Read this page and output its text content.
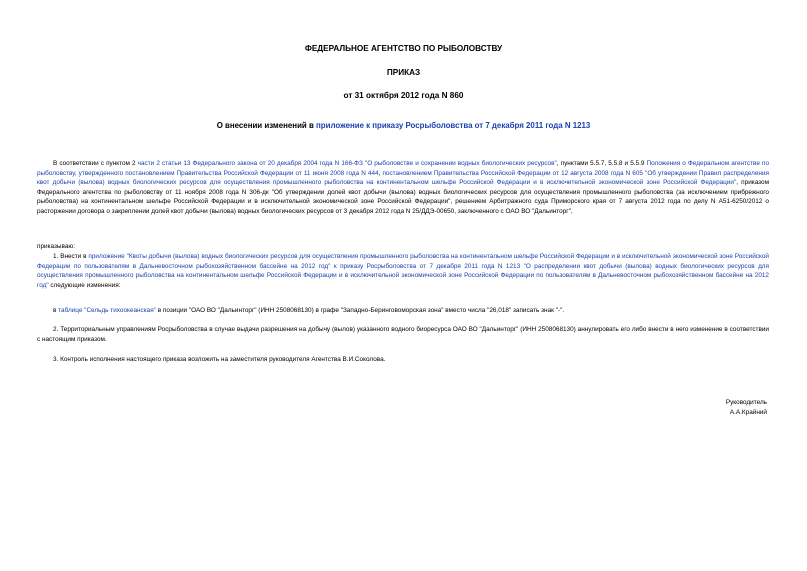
ФЕДЕРАЛЬНОЕ АГЕНТСТВО ПО РЫБОЛОВСТВУ
ПРИКАЗ
от 31 октября 2012 года N 860
О внесении изменений в приложение к приказу Росрыболовства от 7 декабря 2011 года N 1213

В соответствии с пунктом 2 части 2 статьи 13 Федерального закона от 20 декабря 2004 года N 166-ФЗ "О рыболовстве и сохранении водных биологических ресурсов", пунктами 5.5.7, 5.5.8 и 5.5.9 Положения о Федеральном агентстве по рыболовству, утвержденного постановлением Правительства Российской Федерации от 11 июня 2008 года N 444, постановлением Правительства Российской Федерации от 12 августа 2008 года N 605 "Об утверждении Правил распределения квот добычи (вылова) водных биологических ресурсов для осуществления промышленного рыболовства на континентальном шельфе Российской Федерации и в исключительной экономической зоне Российской Федерации", приказом Федерального агентства по рыболовству от 11 ноября 2008 года N 306-дк "Об утверждении долей квот добычи (вылова) водных биологических ресурсов для осуществления промышленного рыболовства (за исключением прибрежного рыболовства) на континентальном шельфе Российской Федерации и в исключительной экономической зоне Российской Федерации", решением Арбитражного суда Приморского края от 7 августа 2012 года по делу N А51-6250/2012 о расторжении договора о закреплении долей квот добычи (вылова) водных биологических ресурсов от 3 декабря 2012 года N 25/ДДЭ-00650, заключенного с ОАО ВО "Дальинторг",

приказываю:

1. Внести в приложение "Квоты добычи (вылова) водных биологических ресурсов для осуществления промышленного рыболовства на континентальном шельфе Российской Федерации и в исключительной экономической зоне Российской Федерации по пользователям в Дальневосточном рыбохозяйственном бассейне на 2012 год" к приказу Росрыболовства от 7 декабря 2011 года N 1213 "О распределении квот добычи (вылова) водных биологических ресурсов для осуществления промышленного рыболовства на континентальном шельфе Российской Федерации и в исключительной экономической зоне Российской Федерации по пользователям в Дальневосточном рыбохозяйственном бассейне на 2012 год" следующие изменения:

в таблице "Сельдь тихоокеанская" в позиции "ОАО ВО "Дальинторг" (ИНН 2508068130) в графе "Западно-Беринговоморская зона" вместо числа "26,018" записать знак "-".

2. Территориальным управлениям Росрыболовства в случае выдачи разрешения на добычу (вылов) указанного водного биоресурса ОАО ВО "Дальинторг" (ИНН 2508068130) аннулировать его либо внести в него изменение в соответствии с настоящим приказом.

3. Контроль исполнения настоящего приказа возложить на заместителя руководителя Агентства В.И.Соколова.

Руководитель
А.А.Крайний
